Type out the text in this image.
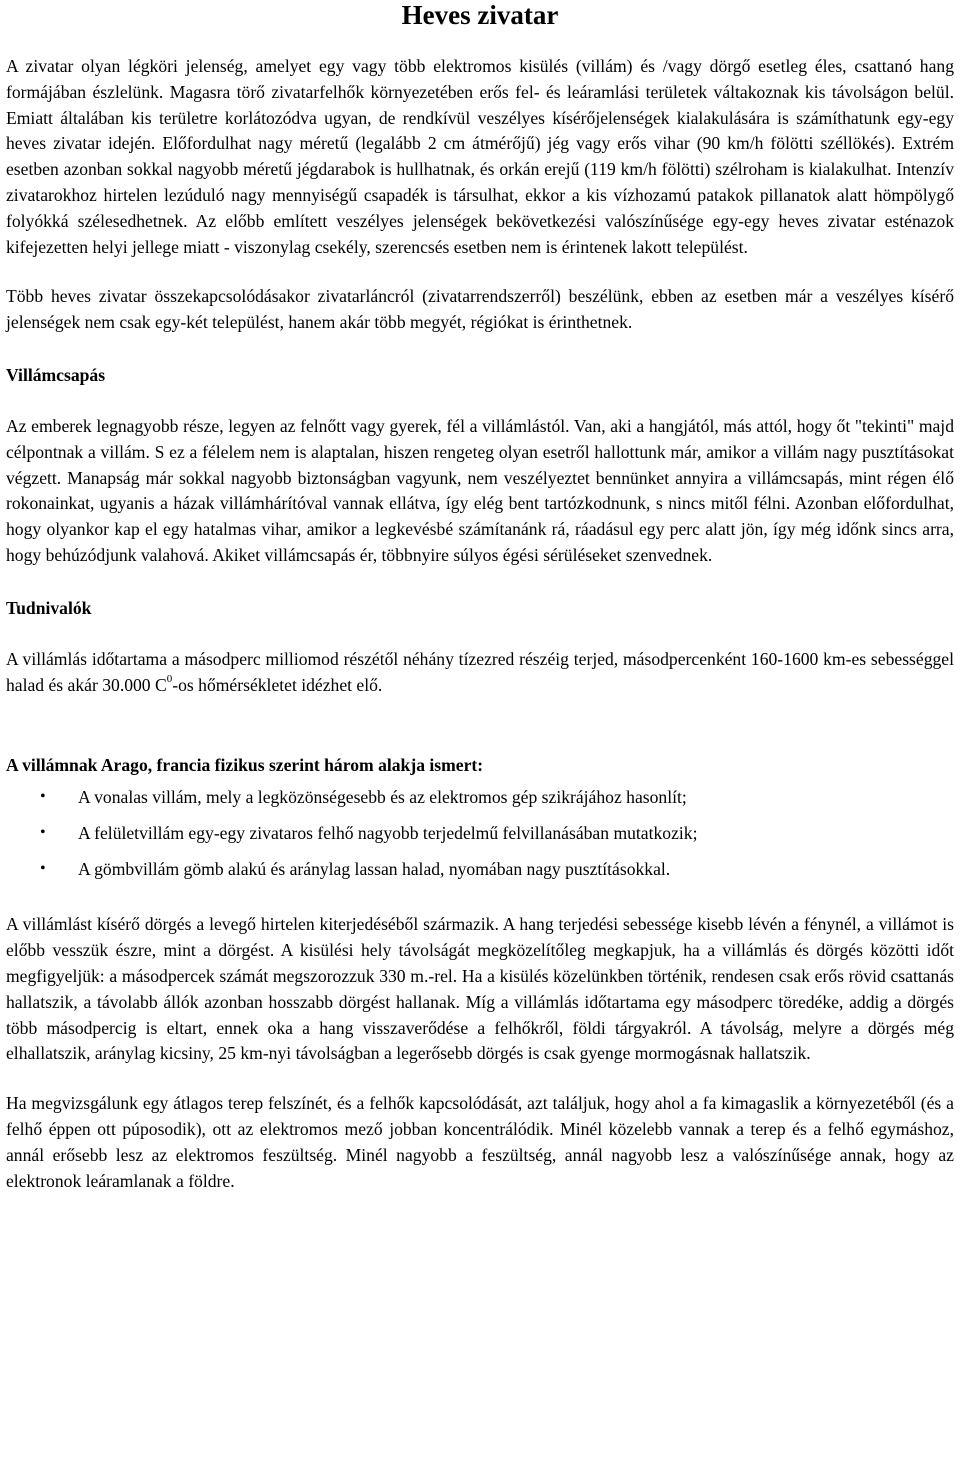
Heves zivatar

A zivatar olyan légköri jelenség, amelyet egy vagy több elektromos kisülés (villám) és /vagy dörgő esetleg éles, csattanó hang formájában észlelünk. Magasra törő zivatarfelhők környezetében erős fel- és leáramlási területek váltakoznak kis távolságon belül. Emiatt általában kis területre korlátozódva ugyan, de rendkívül veszélyes kísérőjelenségek kialakulására is számíthatunk egy-egy heves zivatar idején. Előfordulhat nagy méretű (legalább 2 cm átmérőjű) jég vagy erős vihar (90 km/h fölötti széllökés). Extrém esetben azonban sokkal nagyobb méretű jégdarabok is hullhatnak, és orkán erejű (119 km/h fölötti) szélroham is kialakulhat. Intenzív zivatarokhoz hirtelen lezúduló nagy mennyiségű csapadék is társulhat, ekkor a kis vízhozamú patakok pillanatok alatt hömpölygő folyókká szélesedhetnek. Az előbb említett veszélyes jelenségek bekövetkezési valószínűsége egy-egy heves zivatar esténazok kifejezetten helyi jellege miatt - viszonylag csekély, szerencsés esetben nem is érintenek lakott települést.

Több heves zivatar összekapcsolódásakor zivatarláncról (zivatarrendszerről) beszélünk, ebben az esetben már a veszélyes kísérő jelenségek nem csak egy-két települést, hanem akár több megyét, régiókat is érinthetnek.

Villámcsapás

Az emberek legnagyobb része, legyen az felnőtt vagy gyerek, fél a villámlástól. Van, aki a hangjától, más attól, hogy őt "tekinti" majd célpontnak a villám. S ez a félelem nem is alaptalan, hiszen rengeteg olyan esetről hallottunk már, amikor a villám nagy pusztításokat végzett. Manapság már sokkal nagyobb biztonságban vagyunk, nem veszélyeztet bennünket annyira a villámcsapás, mint régen élő rokonainkat, ugyanis a házak villámhárítóval vannak ellátva, így elég bent tartózkodnunk, s nincs mitől félni. Azonban előfordulhat, hogy olyankor kap el egy hatalmas vihar, amikor a legkevésbé számítanánk rá, ráadásul egy perc alatt jön, így még időnk sincs arra, hogy behúzódjunk valahová. Akiket villámcsapás ér, többnyire súlyos égési sérüléseket szenvednek.

Tudnivalók

A villámlás időtartama a másodperc milliomod részétől néhány tízezred részéig terjed, másodpercenként 160-1600 km-es sebességgel halad és akár 30.000 $C^0-os$ hőmérsékletet idézhet elő.

A villámnak Arago, francia fizikus szerint három alakja ismert:
• A vonalas villám, mely a legközönségesebb és az elektromos gép szikrájához hasonlít;
• A felületvillám egy-egy zivataros felhő nagyobb terjedelmű felvillanásában mutatkozik;
• A gömbvillám gömb alakú és aránylag lassan halad, nyomában nagy pusztításokkal.

A villámlást kísérő dörgés a levegő hirtelen kiterjedéséből származik. A hang terjedési sebessége kisebb lévén a fénynél, a villámot is előbb vesszük észre, mint a dörgést. A kisülési hely távolságát megközelítőleg megkapjuk, ha a villámlás és dörgés közötti időt megfigyeljük: a másodpercek számát megszorozzuk 330 m.-rel. Ha a kisülés közelünkben történik, rendesen csak erős rövid csattanás hallatszik, a távolabb állók azonban hosszabb dörgést hallanak. Míg a villámlás időtartama egy másodperc töredéke, addig a dörgés több másodpercig is eltart, ennek oka a hang visszaverődése a felhőkről, földi tárgyakról. A távolság, melyre a dörgés még elhallatszik, aránylag kicsiny, 25 km-nyi távolságban a legerősebb dörgés is csak gyenge mormogásnak hallatszik.

Ha megvizsgálunk egy átlagos terep felszínét, és a felhők kapcsolódását, azt találjuk, hogy ahol a fa kimagaslik a környezetéből (és a felhő éppen ott púposodik), ott az elektromos mező jobban koncentrálódik. Minél közelebb vannak a terep és a felhő egymáshoz, annál erősebb lesz az elektromos feszültség. Minél nagyobb a feszültség, annál nagyobb lesz a valószínűsége annak, hogy az elektronok leáramlanak a földre.
